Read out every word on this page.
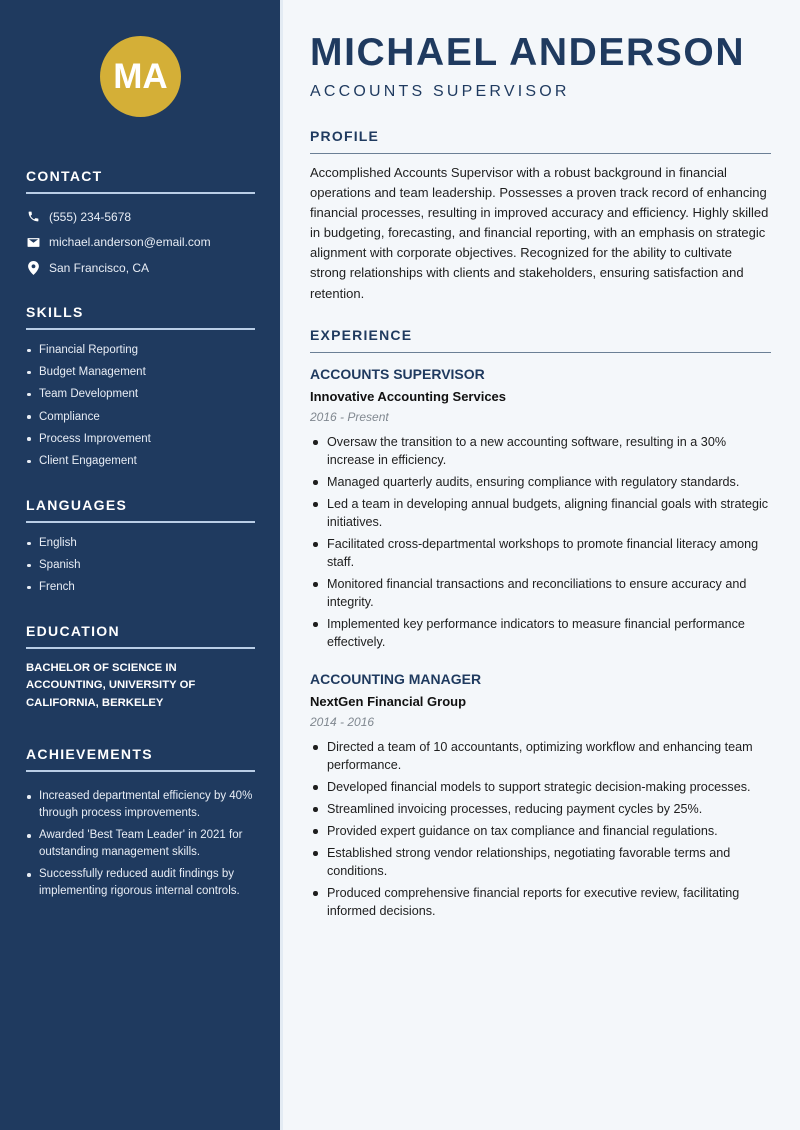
MA
CONTACT
(555) 234-5678
michael.anderson@email.com
San Francisco, CA
SKILLS
Financial Reporting
Budget Management
Team Development
Compliance
Process Improvement
Client Engagement
LANGUAGES
English
Spanish
French
EDUCATION

BACHELOR OF SCIENCE IN ACCOUNTING, UNIVERSITY OF CALIFORNIA, BERKELEY

ACHIEVEMENTS
Increased departmental efficiency by 40% through process improvements.
Awarded 'Best Team Leader' in 2021 for outstanding management skills.
Successfully reduced audit findings by implementing rigorous internal controls.
MICHAEL ANDERSON
ACCOUNTS SUPERVISOR
PROFILE

Accomplished Accounts Supervisor with a robust background in financial operations and team leadership. Possesses a proven track record of enhancing financial processes, resulting in improved accuracy and efficiency. Highly skilled in budgeting, forecasting, and financial reporting, with an emphasis on strategic alignment with corporate objectives. Recognized for the ability to cultivate strong relationships with clients and stakeholders, ensuring satisfaction and retention.

EXPERIENCE
ACCOUNTS SUPERVISOR
Innovative Accounting Services
2016 - Present
Oversaw the transition to a new accounting software, resulting in a 30% increase in efficiency.
Managed quarterly audits, ensuring compliance with regulatory standards.
Led a team in developing annual budgets, aligning financial goals with strategic initiatives.
Facilitated cross-departmental workshops to promote financial literacy among staff.
Monitored financial transactions and reconciliations to ensure accuracy and integrity.
Implemented key performance indicators to measure financial performance effectively.
ACCOUNTING MANAGER
NextGen Financial Group
2014 - 2016
Directed a team of 10 accountants, optimizing workflow and enhancing team performance.
Developed financial models to support strategic decision-making processes.
Streamlined invoicing processes, reducing payment cycles by 25%.
Provided expert guidance on tax compliance and financial regulations.
Established strong vendor relationships, negotiating favorable terms and conditions.
Produced comprehensive financial reports for executive review, facilitating informed decisions.
